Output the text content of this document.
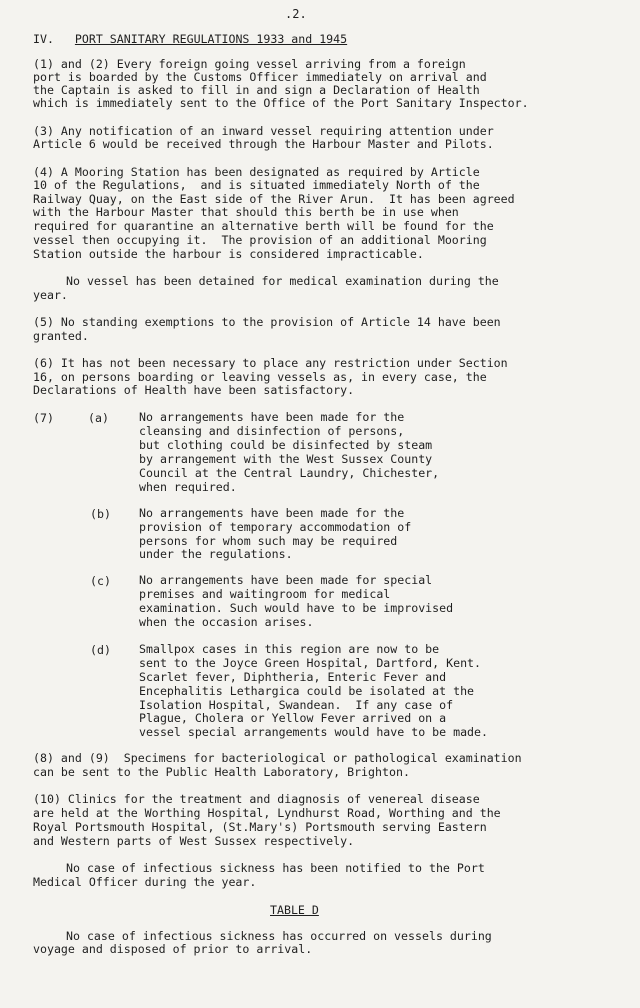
.2.
IV. PORT SANITARY REGULATIONS 1933 and 1945
(1) and (2) Every foreign going vessel arriving from a foreign
port is boarded by the Customs Officer immediately on arrival and
the Captain is asked to fill in and sign a Declaration of Health
which is immediately sent to the Office of the Port Sanitary Inspector.
(3) Any notification of an inward vessel requiring attention under
Article 6 would be received through the Harbour Master and Pilots.
(4) A Mooring Station has been designated as required by Article
10 of the Regulations,  and is situated immediately North of the
Railway Quay, on the East side of the River Arun.  It has been agreed
with the Harbour Master that should this berth be in use when
required for quarantine an alternative berth will be found for the
vessel then occupying it.  The provision of an additional Mooring
Station outside the harbour is considered impracticable.
No vessel has been detained for medical examination during the
year.
(5) No standing exemptions to the provision of Article 14 have been
granted.
(6) It has not been necessary to place any restriction under Section
16, on persons boarding or leaving vessels as, in every case, the
Declarations of Health have been satisfactory.
(7)	(a)	No arrangements have been made for the
cleansing and disinfection of persons,
but clothing could be disinfected by steam
by arrangement with the West Sussex County
Council at the Central Laundry, Chichester,
when required.
(b) No arrangements have been made for the
provision of temporary accommodation of
persons for whom such may be required
under the regulations.
(c) No arrangements have been made for special
premises and waitingroom for medical
examination. Such would have to be improvised
when the occasion arises.
(d) Smallpox cases in this region are now to be
sent to the Joyce Green Hospital, Dartford, Kent.
Scarlet fever, Diphtheria, Enteric Fever and
Encephalitis Lethargica could be isolated at the
Isolation Hospital, Swandean.  If any case of
Plague, Cholera or Yellow Fever arrived on a
vessel special arrangements would have to be made.
(8) and (9)  Specimens for bacteriological or pathological examination
can be sent to the Public Health Laboratory, Brighton.
(10) Clinics for the treatment and diagnosis of venereal disease
are held at the Worthing Hospital, Lyndhurst Road, Worthing and the
Royal Portsmouth Hospital, (St.Mary's) Portsmouth serving Eastern
and Western parts of West Sussex respectively.
No case of infectious sickness has been notified to the Port
Medical Officer during the year.
TABLE D
No case of infectious sickness has occurred on vessels during
voyage and disposed of prior to arrival.
